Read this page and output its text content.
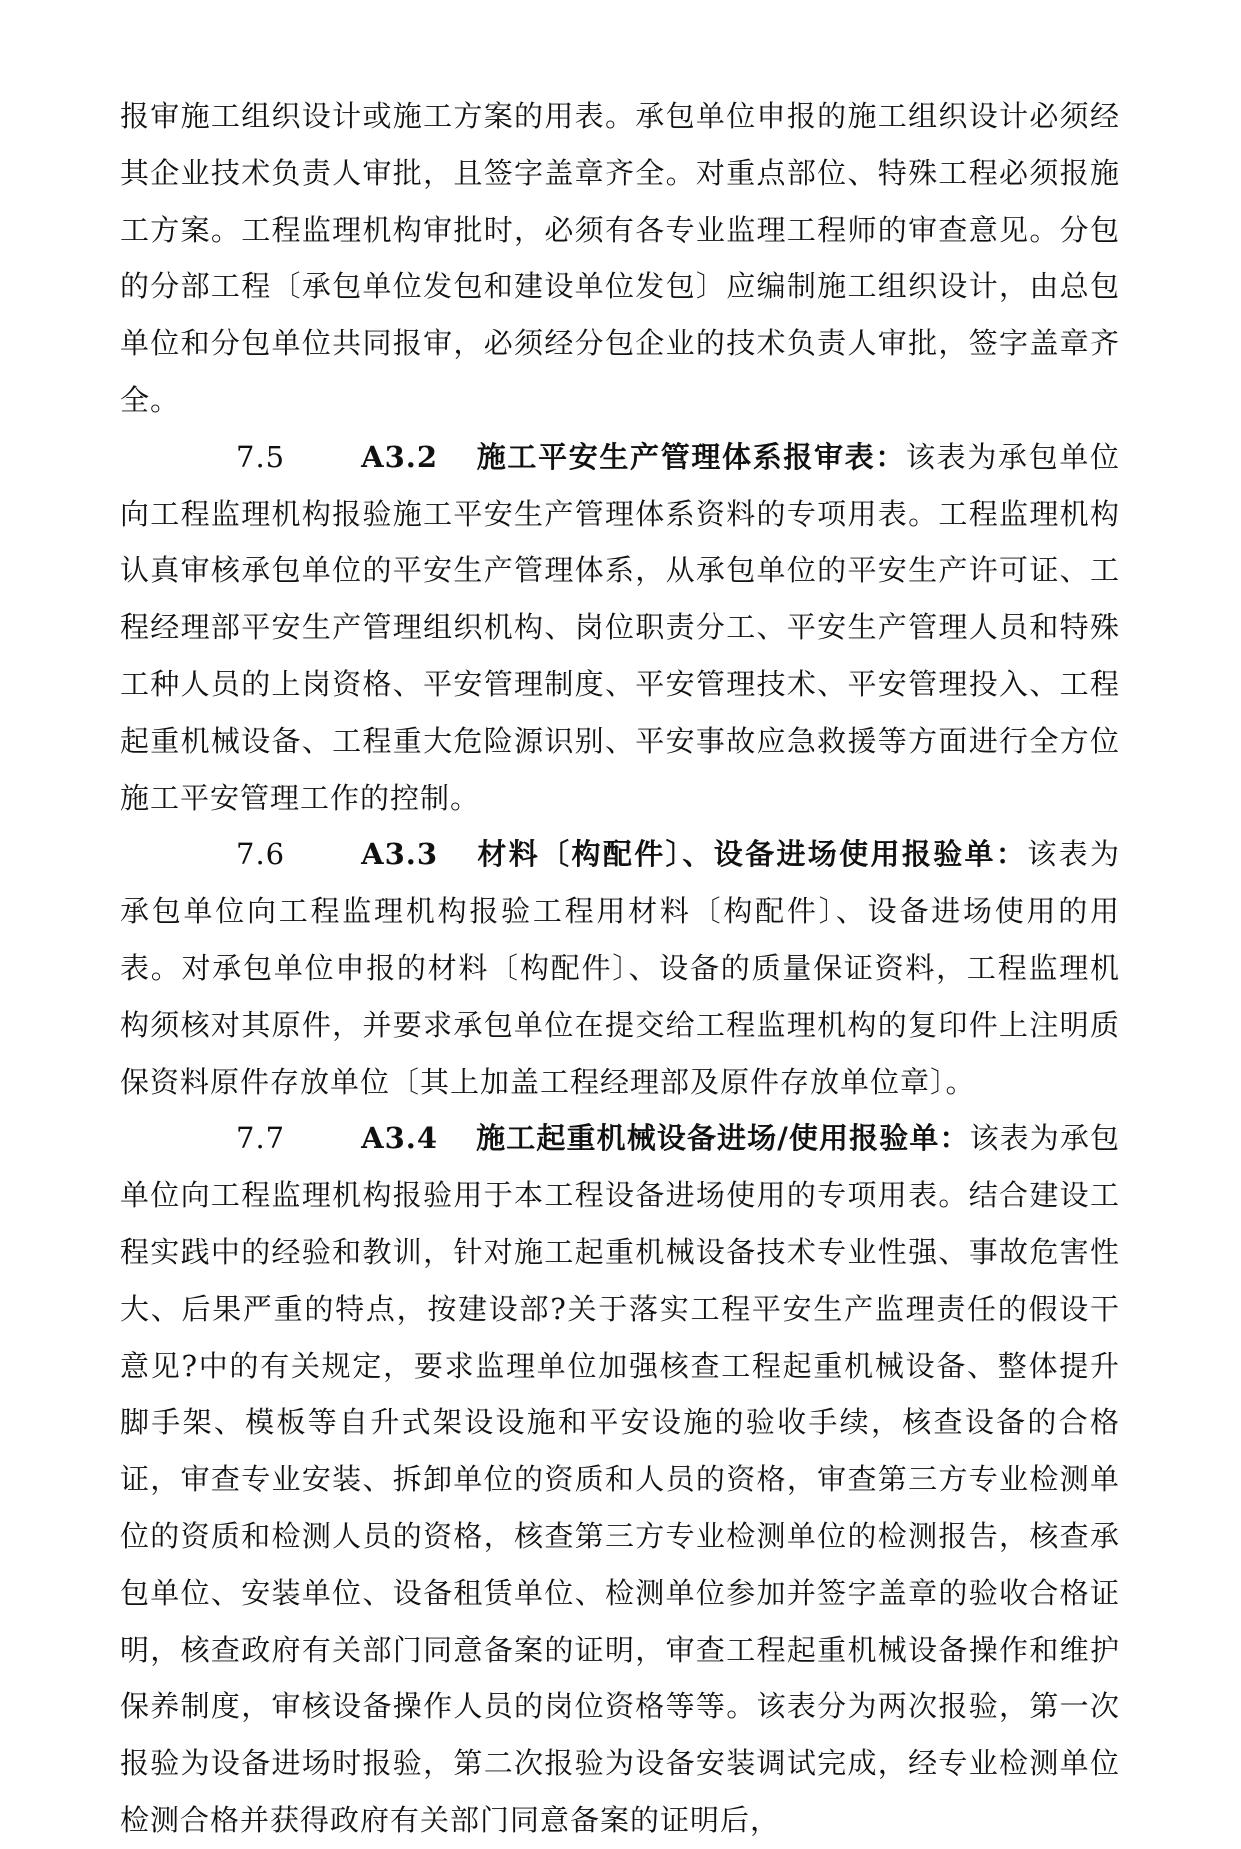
报审施工组织设计或施工方案的用表。承包单位申报的施工组织设计必须经其企业技术负责人审批，且签字盖章齐全。对重点部位、特殊工程必须报施工方案。工程监理机构审批时，必须有各专业监理工程师的审查意见。分包的分部工程〔承包单位发包和建设单位发包〕应编制施工组织设计，由总包单位和分包单位共同报审，必须经分包企业的技术负责人审批，签字盖章齐全。

7.5	A3.2 施工平安生产管理体系报审表：该表为承包单位向工程监理机构报验施工平安生产管理体系资料的专项用表。工程监理机构认真审核承包单位的平安生产管理体系，从承包单位的平安生产许可证、工程经理部平安生产管理组织机构、岗位职责分工、平安生产管理人员和特殊工种人员的上岗资格、平安管理制度、平安管理技术、平安管理投入、工程起重机械设备、工程重大危险源识别、平安事故应急救援等方面进行全方位施工平安管理工作的控制。

7.6	A3.3 材料〔构配件〕、设备进场使用报验单：该表为承包单位向工程监理机构报验工程用材料〔构配件〕、设备进场使用的用表。对承包单位申报的材料〔构配件〕、设备的质量保证资料，工程监理机构须核对其原件，并要求承包单位在提交给工程监理机构的复印件上注明质保资料原件存放单位〔其上加盖工程经理部及原件存放单位章〕。

7.7	A3.4 施工起重机械设备进场/使用报验单：该表为承包单位向工程监理机构报验用于本工程设备进场使用的专项用表。结合建设工程实践中的经验和教训，针对施工起重机械设备技术专业性强、事故危害性大、后果严重的特点，按建设部?关于落实工程平安生产监理责任的假设干意见?中的有关规定，要求监理单位加强核查工程起重机械设备、整体提升脚手架、模板等自升式架设设施和平安设施的验收手续，核查设备的合格证，审查专业安装、拆卸单位的资质和人员的资格，审查第三方专业检测单位的资质和检测人员的资格，核查第三方专业检测单位的检测报告，核查承包单位、安装单位、设备租赁单位、检测单位参加并签字盖章的验收合格证明，核查政府有关部门同意备案的证明，审查工程起重机械设备操作和维护保养制度，审核设备操作人员的岗位资格等等。该表分为两次报验，第一次报验为设备进场时报验，第二次报验为设备安装调试完成，经专业检测单位检测合格并获得政府有关部门同意备案的证明后，
